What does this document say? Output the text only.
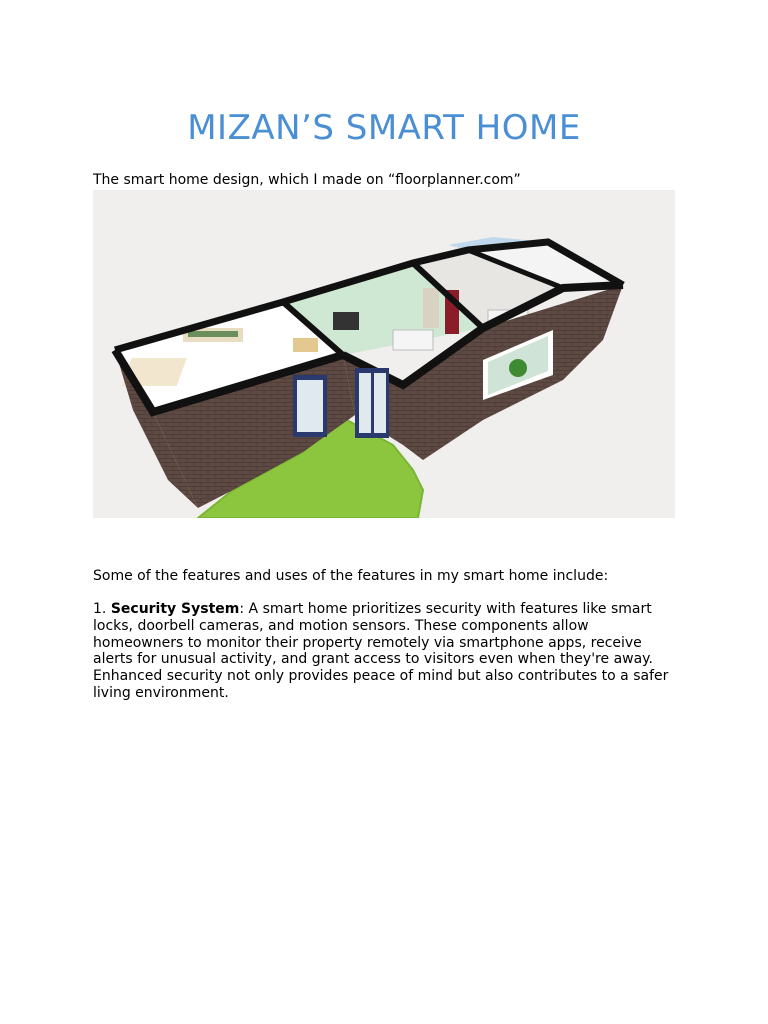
MIZAN’S SMART HOME

The smart home design, which I made on “floorplanner.com”

Some of the features and uses of the features in my smart home include:

1. Security System: A smart home prioritizes security with features like smart locks, doorbell cameras, and motion sensors. These components allow homeowners to monitor their property remotely via smartphone apps, receive alerts for unusual activity, and grant access to visitors even when they're away. Enhanced security not only provides peace of mind but also contributes to a safer living environment.
